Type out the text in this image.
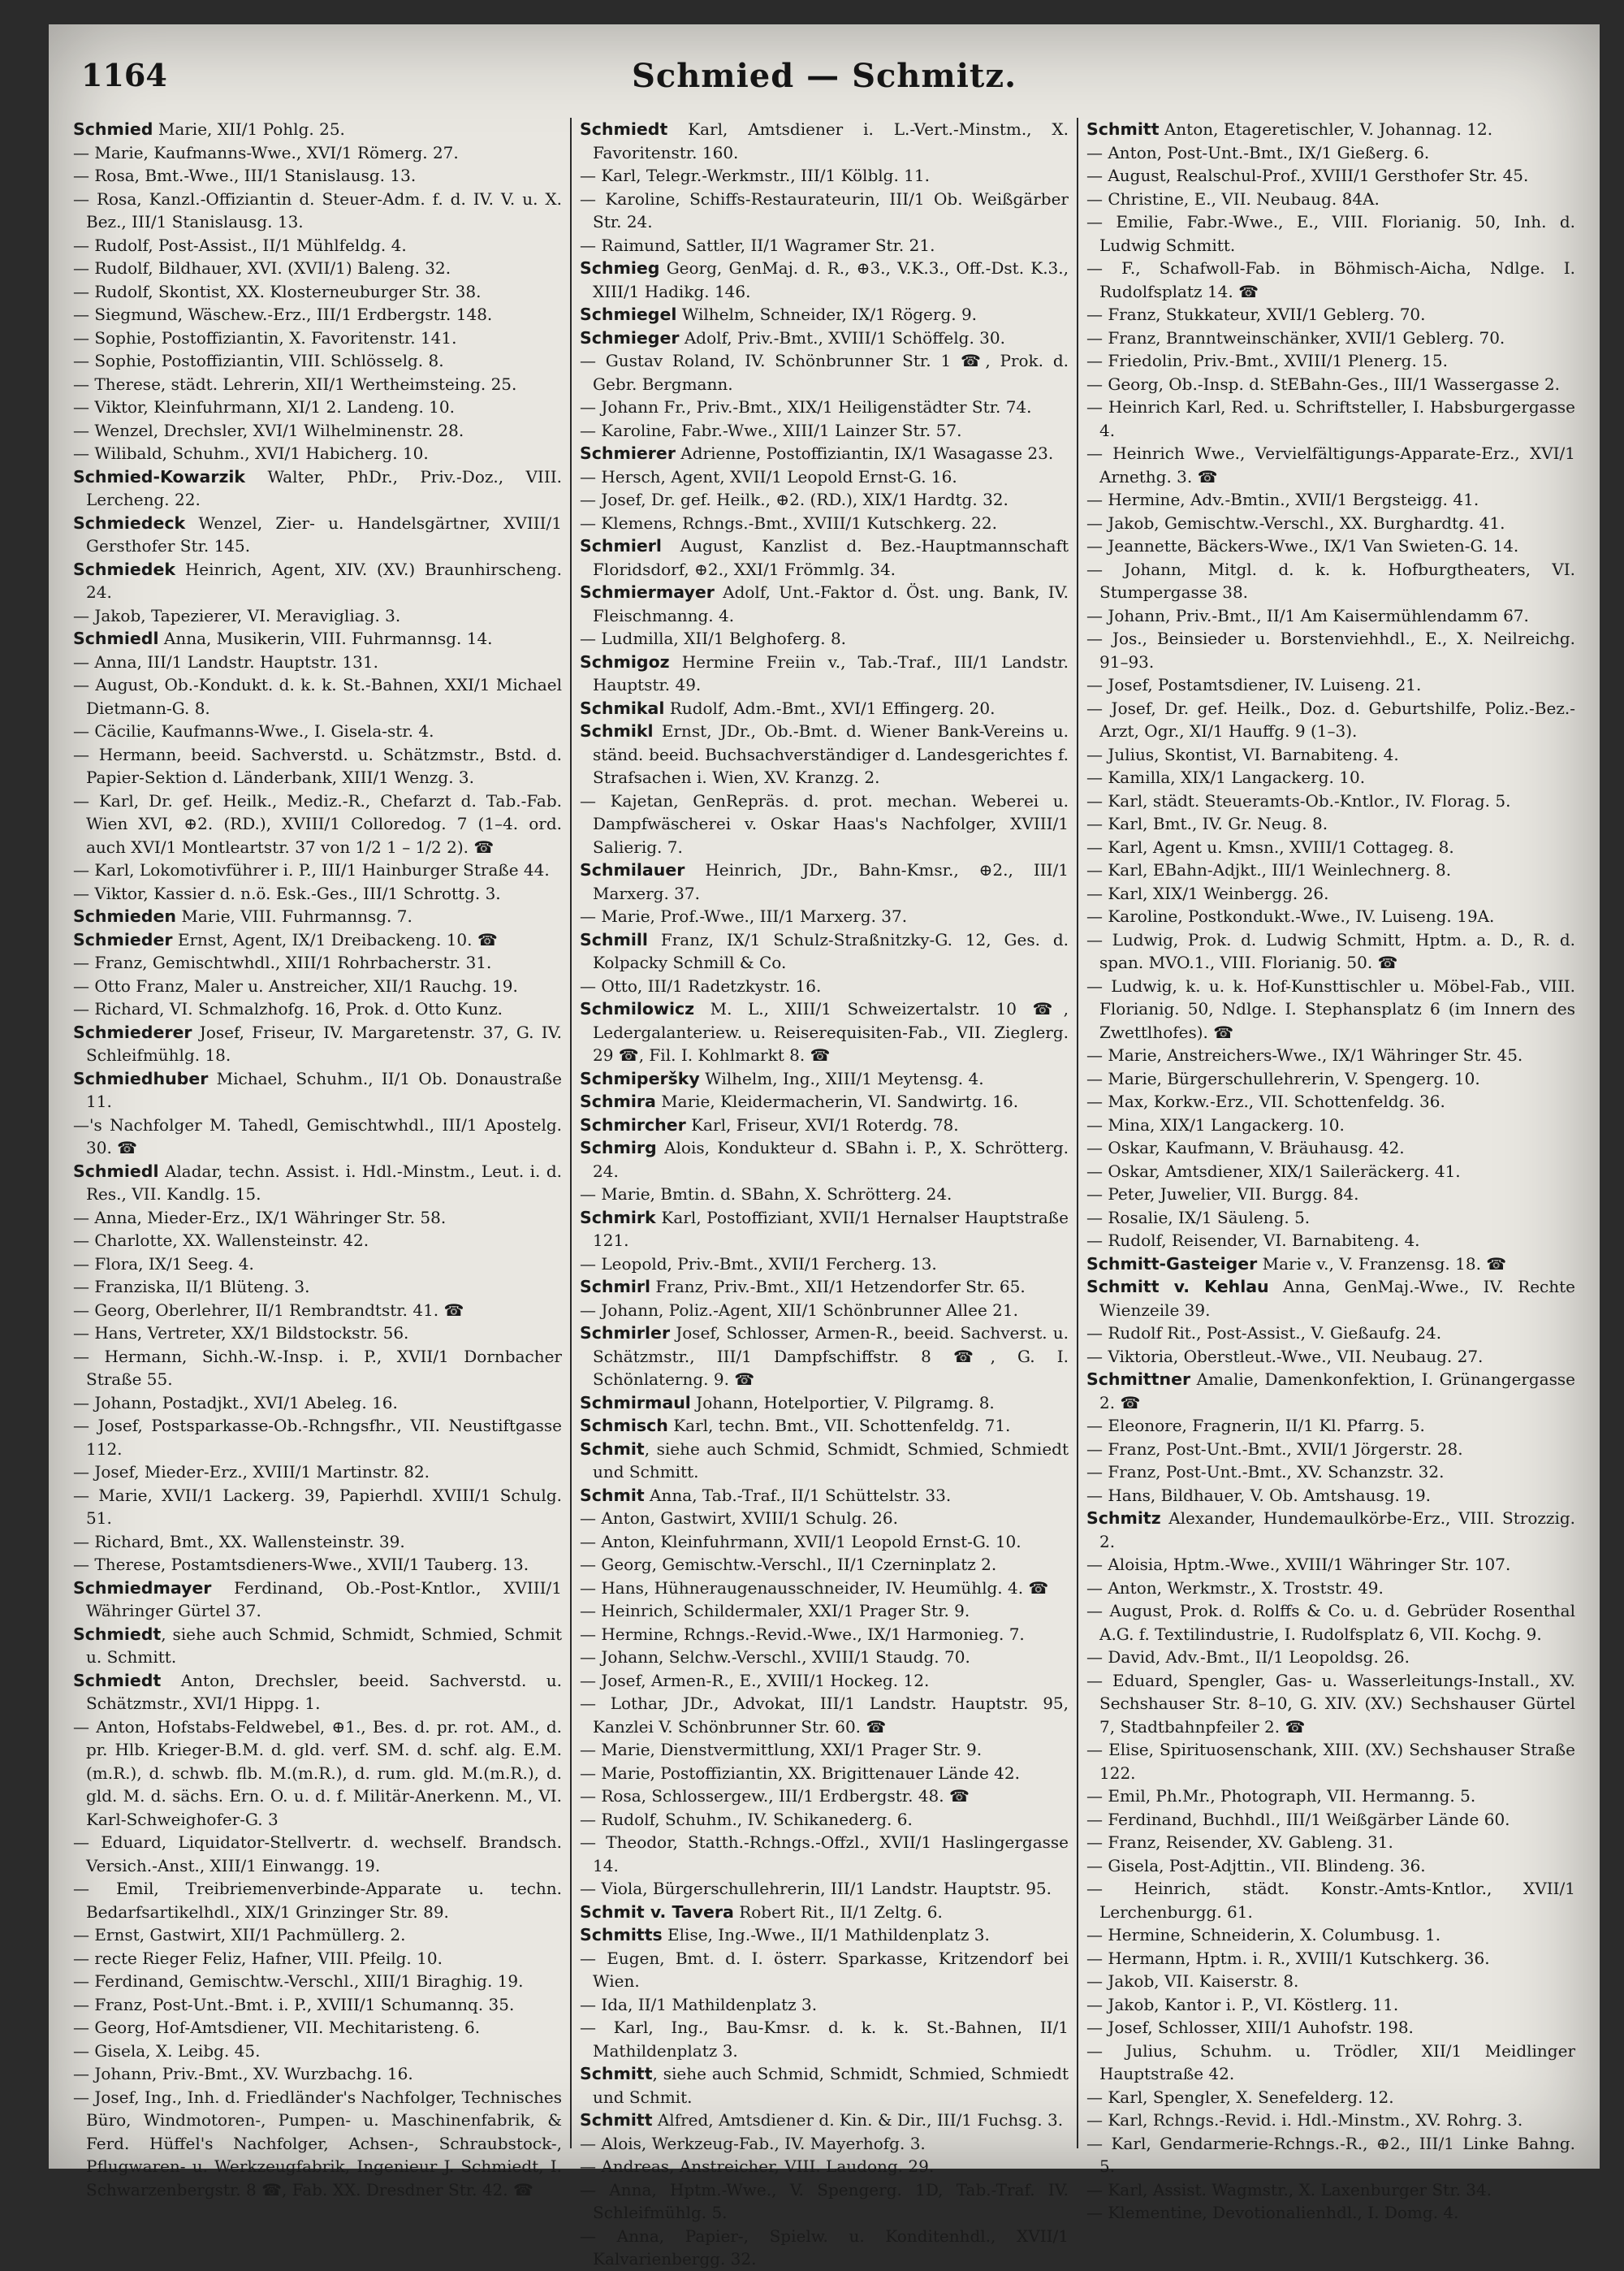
1164	Schmied — Schmitz.
Schmied Marie, XII/1 Pohlg. 25.
— Marie, Kaufmanns-Wwe., XVI/1 Römerg. 27.
— Rosa, Bmt.-Wwe., III/1 Stanislausg. 13.
— Rosa, Kanzl.-Offiziantin d. Steuer-Adm. f. d. IV. V. u. X. Bez., III/1 Stanislausg. 13.
— Rudolf, Post-Assist., II/1 Mühlfeldg. 4.
— Rudolf, Bildhauer, XVI. (XVII/1) Baleng. 32.
— Rudolf, Skontist, XX. Klosterneuburger Str. 38.
— Siegmund, Wäschew.-Erz., III/1 Erdbergstr. 148.
— Sophie, Postoffiziantin, X. Favoritenstr. 141.
— Sophie, Postoffiziantin, VIII. Schlösselg. 8.
— Therese, städt. Lehrerin, XII/1 Wertheimsteing. 25.
— Viktor, Kleinfuhrmann, XI/1 2. Landeng. 10.
— Wenzel, Drechsler, XVI/1 Wilhelminenstr. 28.
— Wilibald, Schuhm., XVI/1 Habicherg. 10.
Schmied-Kowarzik Walter, PhDr., Priv.-Doz., VIII. Lercheng. 22.
Schmiedeck Wenzel, Zier- u. Handelsgärtner, XVIII/1 Gersthofer Str. 145.
Schmiedek Heinrich, Agent, XIV. (XV.) Braunhirscheng. 24.
— Jakob, Tapezierer, VI. Meravigliag. 3.
Schmiedl Anna, Musikerin, VIII. Fuhrmannsg. 14.
— Anna, III/1 Landstr. Hauptstr. 131.
— August, Ob.-Kondukt. d. k. k. St.-Bahnen, XXI/1 Michael Dietmann-G. 8.
— Cäcilie, Kaufmanns-Wwe., I. Gisela-str. 4.
— Hermann, beeid. Sachverstd. u. Schätzmstr., Bstd. d. Papier-Sektion d. Länderbank, XIII/1 Wenzg. 3.
— Karl, Dr. gef. Heilk., Mediz.-R., Chefarzt d. Tab.-Fab. Wien XVI, ⊕2. (RD.), XVIII/1 Colloredog. 7 (1–4. ord. auch XVI/1 Montleartstr. 37 von 1/2 1 – 1/2 2). ☎
— Karl, Lokomotivführer i. P., III/1 Hainburger Straße 44.
— Viktor, Kassier d. n.ö. Esk.-Ges., III/1 Schrottg. 3.
Schmieden Marie, VIII. Fuhrmannsg. 7.
Schmieder Ernst, Agent, IX/1 Dreibackeng. 10. ☎
— Franz, Gemischtwhdl., XIII/1 Rohrbacherstr. 31.
— Otto Franz, Maler u. Anstreicher, XII/1 Rauchg. 19.
— Richard, VI. Schmalzhofg. 16, Prok. d. Otto Kunz.
Schmiederer Josef, Friseur, IV. Margaretenstr. 37, G. IV. Schleifmühlg. 18.
Schmiedhuber Michael, Schuhm., II/1 Ob. Donaustraße 11.
—'s Nachfolger M. Tahedl, Gemischtwhdl., III/1 Apostelg. 30. ☎
Schmiedl Aladar, techn. Assist. i. Hdl.-Minstm., Leut. i. d. Res., VII. Kandlg. 15.
— Anna, Mieder-Erz., IX/1 Währinger Str. 58.
— Charlotte, XX. Wallensteinstr. 42.
— Flora, IX/1 Seeg. 4.
— Franziska, II/1 Blüteng. 3.
— Georg, Oberlehrer, II/1 Rembrandtstr. 41. ☎
— Hans, Vertreter, XX/1 Bildstockstr. 56.
— Hermann, Sichh.-W.-Insp. i. P., XVII/1 Dornbacher Straße 55.
— Johann, Postadjkt., XVI/1 Abeleg. 16.
— Josef, Postsparkasse-Ob.-Rchngsfhr., VII. Neustiftgasse 112.
— Josef, Mieder-Erz., XVIII/1 Martinstr. 82.
— Marie, XVII/1 Lackerg. 39, Papierhdl. XVIII/1 Schulg. 51.
— Richard, Bmt., XX. Wallensteinstr. 39.
— Therese, Postamtsdieners-Wwe., XVII/1 Tauberg. 13.
Schmiedmayer Ferdinand, Ob.-Post-Kntlor., XVIII/1 Währinger Gürtel 37.
Schmiedt, siehe auch Schmid, Schmidt, Schmied, Schmit u. Schmitt.
Schmiedt Anton, Drechsler, beeid. Sachverstd. u. Schätzmstr., XVI/1 Hippg. 1.
— Anton, Hofstabs-Feldwebel, ⊕1., Bes. d. pr. rot. AM., d. pr. Hlb. Krieger-B.M. d. gld. verf. SM. d. schf. alg. E.M. (m.R.), d. schwb. flb. M.(m.R.), d. rum. gld. M.(m.R.), d. gld. M. d. sächs. Ern. O. u. d. f. Militär-Anerkenn. M., VI. Karl-Schweighofer-G. 3
— Eduard, Liquidator-Stellvertr. d. wechself. Brandsch. Versich.-Anst., XIII/1 Einwangg. 19.
— Emil, Treibriemenverbinde-Apparate u. techn. Bedarfsartikelhdl., XIX/1 Grinzinger Str. 89.
— Ernst, Gastwirt, XII/1 Pachmüllerg. 2.
— recte Rieger Feliz, Hafner, VIII. Pfeilg. 10.
— Ferdinand, Gemischtw.-Verschl., XIII/1 Biraghig. 19.
— Franz, Post-Unt.-Bmt. i. P., XVIII/1 Schumannq. 35.
— Georg, Hof-Amtsdiener, VII. Mechitaristeng. 6.
— Gisela, X. Leibg. 45.
— Johann, Priv.-Bmt., XV. Wurzbachg. 16.
— Josef, Ing., Inh. d. Friedländer's Nachfolger, Technisches Büro, Windmotoren-, Pumpen- u. Maschinenfabrik, & Ferd. Hüffel's Nachfolger, Achsen-, Schraubstock-, Pflugwaren- u. Werkzeugfabrik, Ingenieur J. Schmiedt, I. Schwarzenbergstr. 8 ☎, Fab. XX. Dresdner Str. 42. ☎
Schmiedt Karl, Amtsdiener i. L.-Vert.-Minstm., X. Favoritenstr. 160.
— Karl, Telegr.-Werkmstr., III/1 Kölblg. 11.
— Karoline, Schiffs-Restaurateurin, III/1 Ob. Weißgärber Str. 24.
— Raimund, Sattler, II/1 Wagramer Str. 21.
Schmieg Georg, GenMaj. d. R., ⊕3., V.K.3., Off.-Dst. K.3., XIII/1 Hadikg. 146.
Schmiegel Wilhelm, Schneider, IX/1 Rögerg. 9.
Schmieger Adolf, Priv.-Bmt., XVIII/1 Schöffelg. 30.
— Gustav Roland, IV. Schönbrunner Str. 1 ☎, Prok. d. Gebr. Bergmann.
— Johann Fr., Priv.-Bmt., XIX/1 Heiligenstädter Str. 74.
— Karoline, Fabr.-Wwe., XIII/1 Lainzer Str. 57.
Schmierer Adrienne, Postoffiziantin, IX/1 Wasagasse 23.
— Hersch, Agent, XVII/1 Leopold Ernst-G. 16.
— Josef, Dr. gef. Heilk., ⊕2. (RD.), XIX/1 Hardtg. 32.
— Klemens, Rchngs.-Bmt., XVIII/1 Kutschkerg. 22.
Schmierl August, Kanzlist d. Bez.-Hauptmannschaft Floridsdorf, ⊕2., XXI/1 Frömmlg. 34.
Schmiermayer Adolf, Unt.-Faktor d. Öst. ung. Bank, IV. Fleischmanng. 4.
— Ludmilla, XII/1 Belghoferg. 8.
Schmigoz Hermine Freiin v., Tab.-Traf., III/1 Landstr. Hauptstr. 49.
Schmikal Rudolf, Adm.-Bmt., XVI/1 Effingerg. 20.
Schmikl Ernst, JDr., Ob.-Bmt. d. Wiener Bank-Vereins u. ständ. beeid. Buchsachverständiger d. Landesgerichtes f. Strafsachen i. Wien, XV. Kranzg. 2.
— Kajetan, GenRepräs. d. prot. mechan. Weberei u. Dampfwäscherei v. Oskar Haas's Nachfolger, XVIII/1 Salierig. 7.
Schmilauer Heinrich, JDr., Bahn-Kmsr., ⊕2., III/1 Marxerg. 37.
— Marie, Prof.-Wwe., III/1 Marxerg. 37.
Schmill Franz, IX/1 Schulz-Straßnitzky-G. 12, Ges. d. Kolpacky Schmill & Co.
— Otto, III/1 Radetzkystr. 16.
Schmilowicz M. L., XIII/1 Schweizertalstr. 10 ☎, Ledergalanteriew. u. Reiserequisiten-Fab., VII. Zieglerg. 29 ☎, Fil. I. Kohlmarkt 8. ☎
Schmiperšky Wilhelm, Ing., XIII/1 Meytensg. 4.
Schmira Marie, Kleidermacherin, VI. Sandwirtg. 16.
Schmircher Karl, Friseur, XVI/1 Roterdg. 78.
Schmirg Alois, Kondukteur d. SBahn i. P., X. Schrötterg. 24.
— Marie, Bmtin. d. SBahn, X. Schrötterg. 24.
Schmirk Karl, Postoffiziant, XVII/1 Hernalser Hauptstraße 121.
— Leopold, Priv.-Bmt., XVII/1 Fercherg. 13.
Schmirl Franz, Priv.-Bmt., XII/1 Hetzendorfer Str. 65.
— Johann, Poliz.-Agent, XII/1 Schönbrunner Allee 21.
Schmirler Josef, Schlosser, Armen-R., beeid. Sachverst. u. Schätzmstr., III/1 Dampfschiffstr. 8 ☎, G. I. Schönlaterng. 9. ☎
Schmirmaul Johann, Hotelportier, V. Pilgramg. 8.
Schmisch Karl, techn. Bmt., VII. Schottenfeldg. 71.
Schmit, siehe auch Schmid, Schmidt, Schmied, Schmiedt und Schmitt.
Schmit Anna, Tab.-Traf., II/1 Schüttelstr. 33.
— Anton, Gastwirt, XVIII/1 Schulg. 26.
— Anton, Kleinfuhrmann, XVII/1 Leopold Ernst-G. 10.
— Georg, Gemischtw.-Verschl., II/1 Czerninplatz 2.
— Hans, Hühneraugenausschneider, IV. Heumühlg. 4. ☎
— Heinrich, Schildermaler, XXI/1 Prager Str. 9.
— Hermine, Rchngs.-Revid.-Wwe., IX/1 Harmonieg. 7.
— Johann, Selchw.-Verschl., XVIII/1 Staudg. 70.
— Josef, Armen-R., E., XVIII/1 Hockeg. 12.
— Lothar, JDr., Advokat, III/1 Landstr. Hauptstr. 95, Kanzlei V. Schönbrunner Str. 60. ☎
— Marie, Dienstvermittlung, XXI/1 Prager Str. 9.
— Marie, Postoffiziantin, XX. Brigittenauer Lände 42.
— Rosa, Schlossergew., III/1 Erdbergstr. 48. ☎
— Rudolf, Schuhm., IV. Schikanederg. 6.
— Theodor, Statth.-Rchngs.-Offzl., XVII/1 Haslingergasse 14.
— Viola, Bürgerschullehrerin, III/1 Landstr. Hauptstr. 95.
Schmit v. Tavera Robert Rit., II/1 Zeltg. 6.
Schmitts Elise, Ing.-Wwe., II/1 Mathildenplatz 3.
— Eugen, Bmt. d. I. österr. Sparkasse, Kritzendorf bei Wien.
— Ida, II/1 Mathildenplatz 3.
— Karl, Ing., Bau-Kmsr. d. k. k. St.-Bahnen, II/1 Mathildenplatz 3.
Schmitt, siehe auch Schmid, Schmidt, Schmied, Schmiedt und Schmit.
Schmitt Alfred, Amtsdiener d. Kin. & Dir., III/1 Fuchsg. 3.
— Alois, Werkzeug-Fab., IV. Mayerhofg. 3.
— Andreas, Anstreicher, VIII. Laudong. 29.
— Anna, Hptm.-Wwe., V. Spengerg. 1D, Tab.-Traf. IV. Schleifmühlg. 5.
— Anna, Papier-, Spielw. u. Konditenhdl., XVII/1 Kalvarienbergg. 32.
Schmitt Anton, Etageretischler, V. Johannag. 12.
— Anton, Post-Unt.-Bmt., IX/1 Gießerg. 6.
— August, Realschul-Prof., XVIII/1 Gersthofer Str. 45.
— Christine, E., VII. Neubaug. 84A.
— Emilie, Fabr.-Wwe., E., VIII. Florianig. 50, Inh. d. Ludwig Schmitt.
— F., Schafwoll-Fab. in Böhmisch-Aicha, Ndlge. I. Rudolfsplatz 14. ☎
— Franz, Stukkateur, XVII/1 Geblerg. 70.
— Franz, Branntweinschänker, XVII/1 Geblerg. 70.
— Friedolin, Priv.-Bmt., XVIII/1 Plenerg. 15.
— Georg, Ob.-Insp. d. StEBahn-Ges., III/1 Wassergasse 2.
— Heinrich Karl, Red. u. Schriftsteller, I. Habsburgergasse 4.
— Heinrich Wwe., Vervielfältigungs-Apparate-Erz., XVI/1 Arnethg. 3. ☎
— Hermine, Adv.-Bmtin., XVII/1 Bergsteigg. 41.
— Jakob, Gemischtw.-Verschl., XX. Burghardtg. 41.
— Jeannette, Bäckers-Wwe., IX/1 Van Swieten-G. 14.
— Johann, Mitgl. d. k. k. Hofburgtheaters, VI. Stumpergasse 38.
— Johann, Priv.-Bmt., II/1 Am Kaisermühlendamm 67.
— Jos., Beinsieder u. Borstenviehhdl., E., X. Neilreichg. 91–93.
— Josef, Postamtsdiener, IV. Luiseng. 21.
— Josef, Dr. gef. Heilk., Doz. d. Geburtshilfe, Poliz.-Bez.-Arzt, Ogr., XI/1 Hauffg. 9 (1–3).
— Julius, Skontist, VI. Barnabiteng. 4.
— Kamilla, XIX/1 Langackerg. 10.
— Karl, städt. Steueramts-Ob.-Kntlor., IV. Florag. 5.
— Karl, Bmt., IV. Gr. Neug. 8.
— Karl, Agent u. Kmsn., XVIII/1 Cottageg. 8.
— Karl, EBahn-Adjkt., III/1 Weinlechnerg. 8.
— Karl, XIX/1 Weinbergg. 26.
— Karoline, Postkondukt.-Wwe., IV. Luiseng. 19A.
— Ludwig, Prok. d. Ludwig Schmitt, Hptm. a. D., R. d. span. MVO.1., VIII. Florianig. 50. ☎
— Ludwig, k. u. k. Hof-Kunsttischler u. Möbel-Fab., VIII. Florianig. 50, Ndlge. I. Stephansplatz 6 (im Innern des Zwettlhofes). ☎
— Marie, Anstreichers-Wwe., IX/1 Währinger Str. 45.
— Marie, Bürgerschullehrerin, V. Spengerg. 10.
— Max, Korkw.-Erz., VII. Schottenfeldg. 36.
— Mina, XIX/1 Langackerg. 10.
— Oskar, Kaufmann, V. Bräuhausg. 42.
— Oskar, Amtsdiener, XIX/1 Saileräckerg. 41.
— Peter, Juwelier, VII. Burgg. 84.
— Rosalie, IX/1 Säuleng. 5.
— Rudolf, Reisender, VI. Barnabiteng. 4.
Schmitt-Gasteiger Marie v., V. Franzensg. 18. ☎
Schmitt v. Kehlau Anna, GenMaj.-Wwe., IV. Rechte Wienzeile 39.
— Rudolf Rit., Post-Assist., V. Gießaufg. 24.
— Viktoria, Oberstleut.-Wwe., VII. Neubaug. 27.
Schmittner Amalie, Damenkonfektion, I. Grünangergasse 2. ☎
— Eleonore, Fragnerin, II/1 Kl. Pfarrg. 5.
— Franz, Post-Unt.-Bmt., XVII/1 Jörgerstr. 28.
— Franz, Post-Unt.-Bmt., XV. Schanzstr. 32.
— Hans, Bildhauer, V. Ob. Amtshausg. 19.
Schmitz Alexander, Hundemaulkörbe-Erz., VIII. Strozzig. 2.
— Aloisia, Hptm.-Wwe., XVIII/1 Währinger Str. 107.
— Anton, Werkmstr., X. Troststr. 49.
— August, Prok. d. Rolffs & Co. u. d. Gebrüder Rosenthal A.G. f. Textilindustrie, I. Rudolfsplatz 6, VII. Kochg. 9.
— David, Adv.-Bmt., II/1 Leopoldsg. 26.
— Eduard, Spengler, Gas- u. Wasserleitungs-Install., XV. Sechshauser Str. 8–10, G. XIV. (XV.) Sechshauser Gürtel 7, Stadtbahnpfeiler 2. ☎
— Elise, Spirituosenschank, XIII. (XV.) Sechshauser Straße 122.
— Emil, Ph.Mr., Photograph, VII. Hermanng. 5.
— Ferdinand, Buchhdl., III/1 Weißgärber Lände 60.
— Franz, Reisender, XV. Gableng. 31.
— Gisela, Post-Adjttin., VII. Blindeng. 36.
— Heinrich, städt. Konstr.-Amts-Kntlor., XVII/1 Lerchenburgg. 61.
— Hermine, Schneiderin, X. Columbusg. 1.
— Hermann, Hptm. i. R., XVIII/1 Kutschkerg. 36.
— Jakob, VII. Kaiserstr. 8.
— Jakob, Kantor i. P., VI. Köstlerg. 11.
— Josef, Schlosser, XIII/1 Auhofstr. 198.
— Julius, Schuhm. u. Trödler, XII/1 Meidlinger Hauptstraße 42.
— Karl, Spengler, X. Senefelderg. 12.
— Karl, Rchngs.-Revid. i. Hdl.-Minstm., XV. Rohrg. 3.
— Karl, Gendarmerie-Rchngs.-R., ⊕2., III/1 Linke Bahng. 5.
— Karl, Assist. Wagmstr., X. Laxenburger Str. 34.
— Klementine, Devotionalienhdl., I. Domg. 4.
